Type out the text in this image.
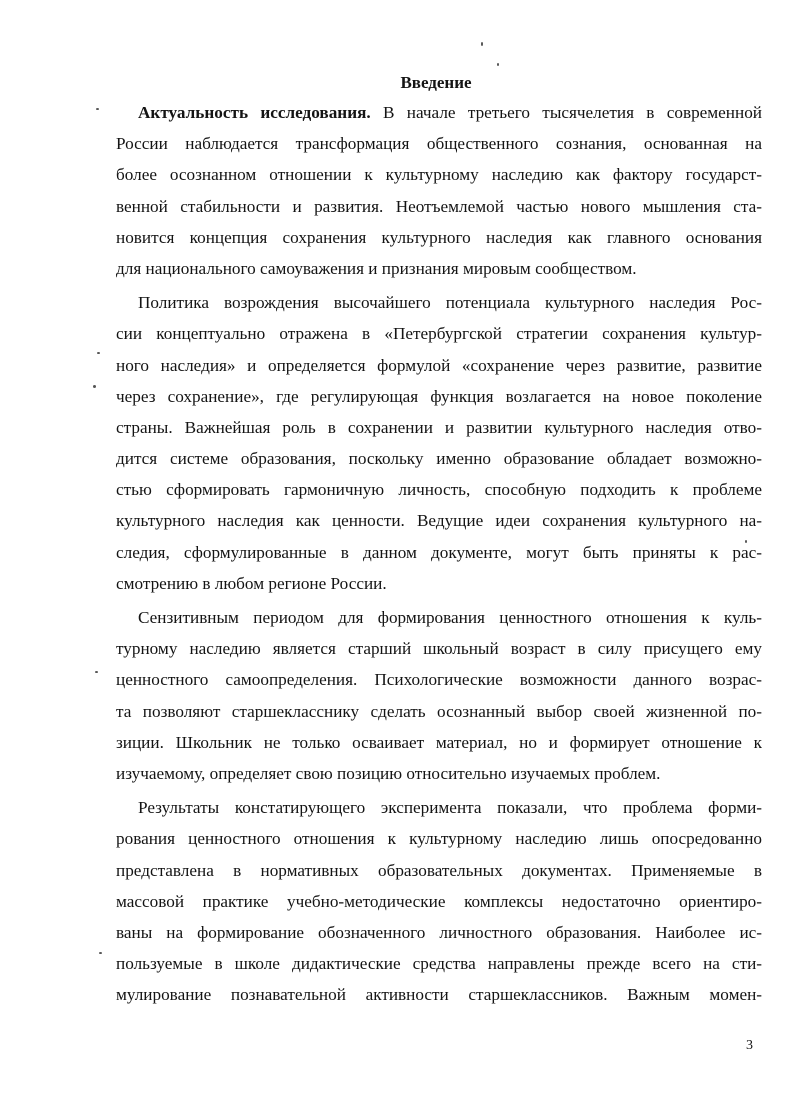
Введение
Актуальность исследования. В начале третьего тысячелетия в современной
России наблюдается трансформация общественного сознания, основанная на
более осознанном отношении к культурному наследию как фактору государст-
венной стабильности и развития. Неотъемлемой частью нового мышления ста-
новится концепция сохранения культурного наследия как главного основания
для национального самоуважения и признания мировым сообществом.
Политика возрождения высочайшего потенциала культурного наследия Рос-
сии концептуально отражена в «Петербургской стратегии сохранения культур-
ного наследия» и определяется формулой «сохранение через развитие, развитие
через сохранение», где регулирующая функция возлагается на новое поколение
страны. Важнейшая роль в сохранении и развитии культурного наследия отво-
дится системе образования, поскольку именно образование обладает возможно-
стью сформировать гармоничную личность, способную подходить к проблеме
культурного наследия как ценности. Ведущие идеи сохранения культурного на-
следия, сформулированные в данном документе, могут быть приняты к рас-
смотрению в любом регионе России.
Сензитивным периодом для формирования ценностного отношения к куль-
турному наследию является старший школьный возраст в силу присущего ему
ценностного самоопределения. Психологические возможности данного возрас-
та позволяют старшекласснику сделать осознанный выбор своей жизненной по-
зиции. Школьник не только осваивает материал, но и формирует отношение к
изучаемому, определяет свою позицию относительно изучаемых проблем.
Результаты констатирующего эксперимента показали, что проблема форми-
рования ценностного отношения к культурному наследию лишь опосредованно
представлена в нормативных образовательных документах. Применяемые в
массовой практике учебно-методические комплексы недостаточно ориентиро-
ваны на формирование обозначенного личностного образования. Наиболее ис-
пользуемые в школе дидактические средства направлены прежде всего на сти-
мулирование познавательной активности старшеклассников. Важным момен-
3
